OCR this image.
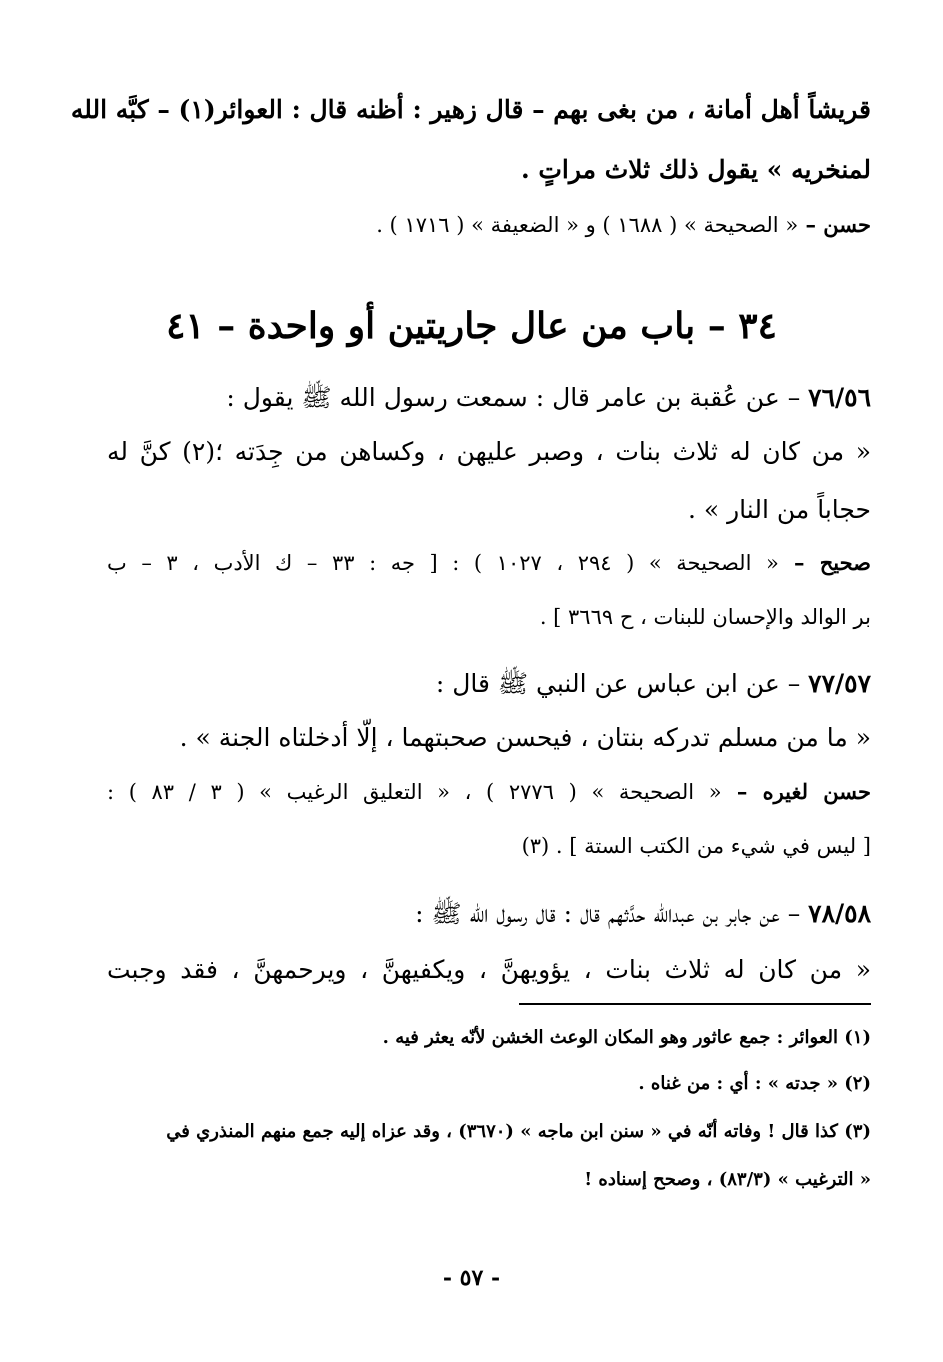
قريشاً أهل أمانة ، من بغى بهم – قال زهير : أظنه قال : العوائر(١) – كبَّه الله
لمنخريه » يقول ذلك ثلاث مراتٍ .
حسن – « الصحيحة » ( ١٦٨٨ ) و « الضعيفة » ( ١٧١٦ ) .
٣٤ – باب من عال جاريتين أو واحدة – ٤١
٧٦/٥٦ – عن عُقبة بن عامر قال : سمعت رسول الله ﷺ يقول :
« من كان له ثلاث بنات ، وصبر عليهن ، وكساهن من جِدَته ؛(٢) كنَّ له
حجاباً من النار » .
صحيح – « الصحيحة » ( ٢٩٤ ، ١٠٢٧ ) : [ جه : ٣٣ – ك الأدب ، ٣ – ب
بر الوالد والإحسان للبنات ، ح ٣٦٦٩ ] .
٧٧/٥٧ – عن ابن عباس عن النبي ﷺ قال :
« ما من مسلم تدركه بنتان ، فيحسن صحبتهما ، إلّا أدخلتاه الجنة » .
حسن لغيره – « الصحيحة » ( ٢٧٧٦ ) ، « التعليق الرغيب » ( ٣ / ٨٣ ) :
[ ليس في شيء من الكتب الستة ] . (٣)
٧٨/٥٨ – عن جابر بن عبدالله حدَّثهم قال : قال رسول الله ﷺ :
« من كان له ثلاث بنات ، يؤويهنَّ ، ويكفيهنَّ ، ويرحمهنَّ ، فقد وجبت
(١) العوائر : جمع عاثور وهو المكان الوعث الخشن لأنّه يعثر فيه .
(٢) « جدته » : أي : من غناه .
(٣) كذا قال ! وفاته أنّه في « سنن ابن ماجه » (٣٦٧٠) ، وقد عزاه إليه جمع منهم المنذري في
« الترغيب » (٨٣/٣) ، وصحح إسناده !
- ٥٧ -
